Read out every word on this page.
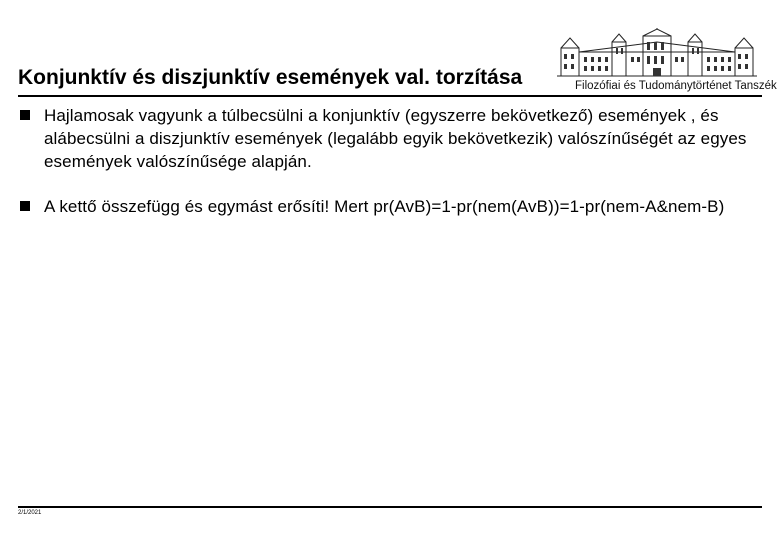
Filozófiai és Tudománytörténet Tanszék
Konjunktív és diszjunktív események val. torzítása
Hajlamosak vagyunk a túlbecsülni a konjunktív (egyszerre bekövetkező) események , és alábecsülni a diszjunktív események (legalább egyik bekövetkezik) valószínűségét az egyes események valószínűsége alapján.
A kettő összefügg és egymást erősíti! Mert pr(AvB)=1-pr(nem(AvB))=1-pr(nem-A&nem-B)
2/1/2021
